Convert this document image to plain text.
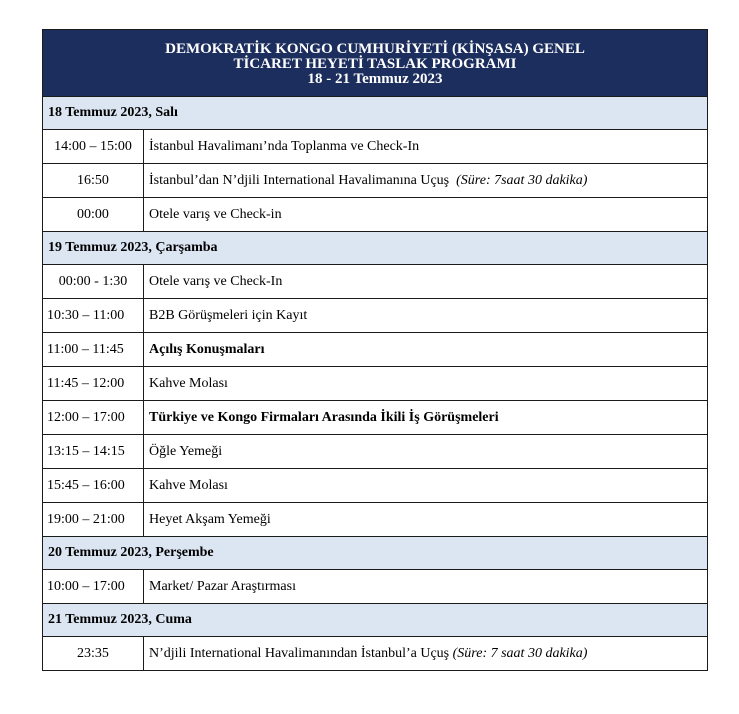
DEMOKRATİK KONGO CUMHURİYETİ (KİNŞASA) GENEL
TİCARET HEYETİ TASLAK PROGRAMI
18 - 21 Temmuz 2023	

18 Temmuz 2023, Salı	
14:00 – 15:00	İstanbul Havalimanı’nda Toplanma ve Check-In
16:50	İstanbul’dan N’djili International Havalimanına Uçuş (Süre: 7saat 30 dakika)
00:00	Otele varış ve Check-in
19 Temmuz 2023, Çarşamba	
00:00 - 1:30	Otele varış ve Check-In
10:30 – 11:00	B2B Görüşmeleri için Kayıt
11:00 – 11:45	Açılış Konuşmaları
11:45 – 12:00	Kahve Molası
12:00 – 17:00	Türkiye ve Kongo Firmaları Arasında İkili İş Görüşmeleri
13:15 – 14:15	Öğle Yemeği
15:45 – 16:00	Kahve Molası
19:00 – 21:00	Heyet Akşam Yemeği
20 Temmuz 2023, Perşembe	
10:00 – 17:00	Market/ Pazar Araştırması
21 Temmuz 2023, Cuma	
23:35	N’djili International Havalimanından İstanbul’a Uçuş (Süre: 7 saat 30 dakika)
